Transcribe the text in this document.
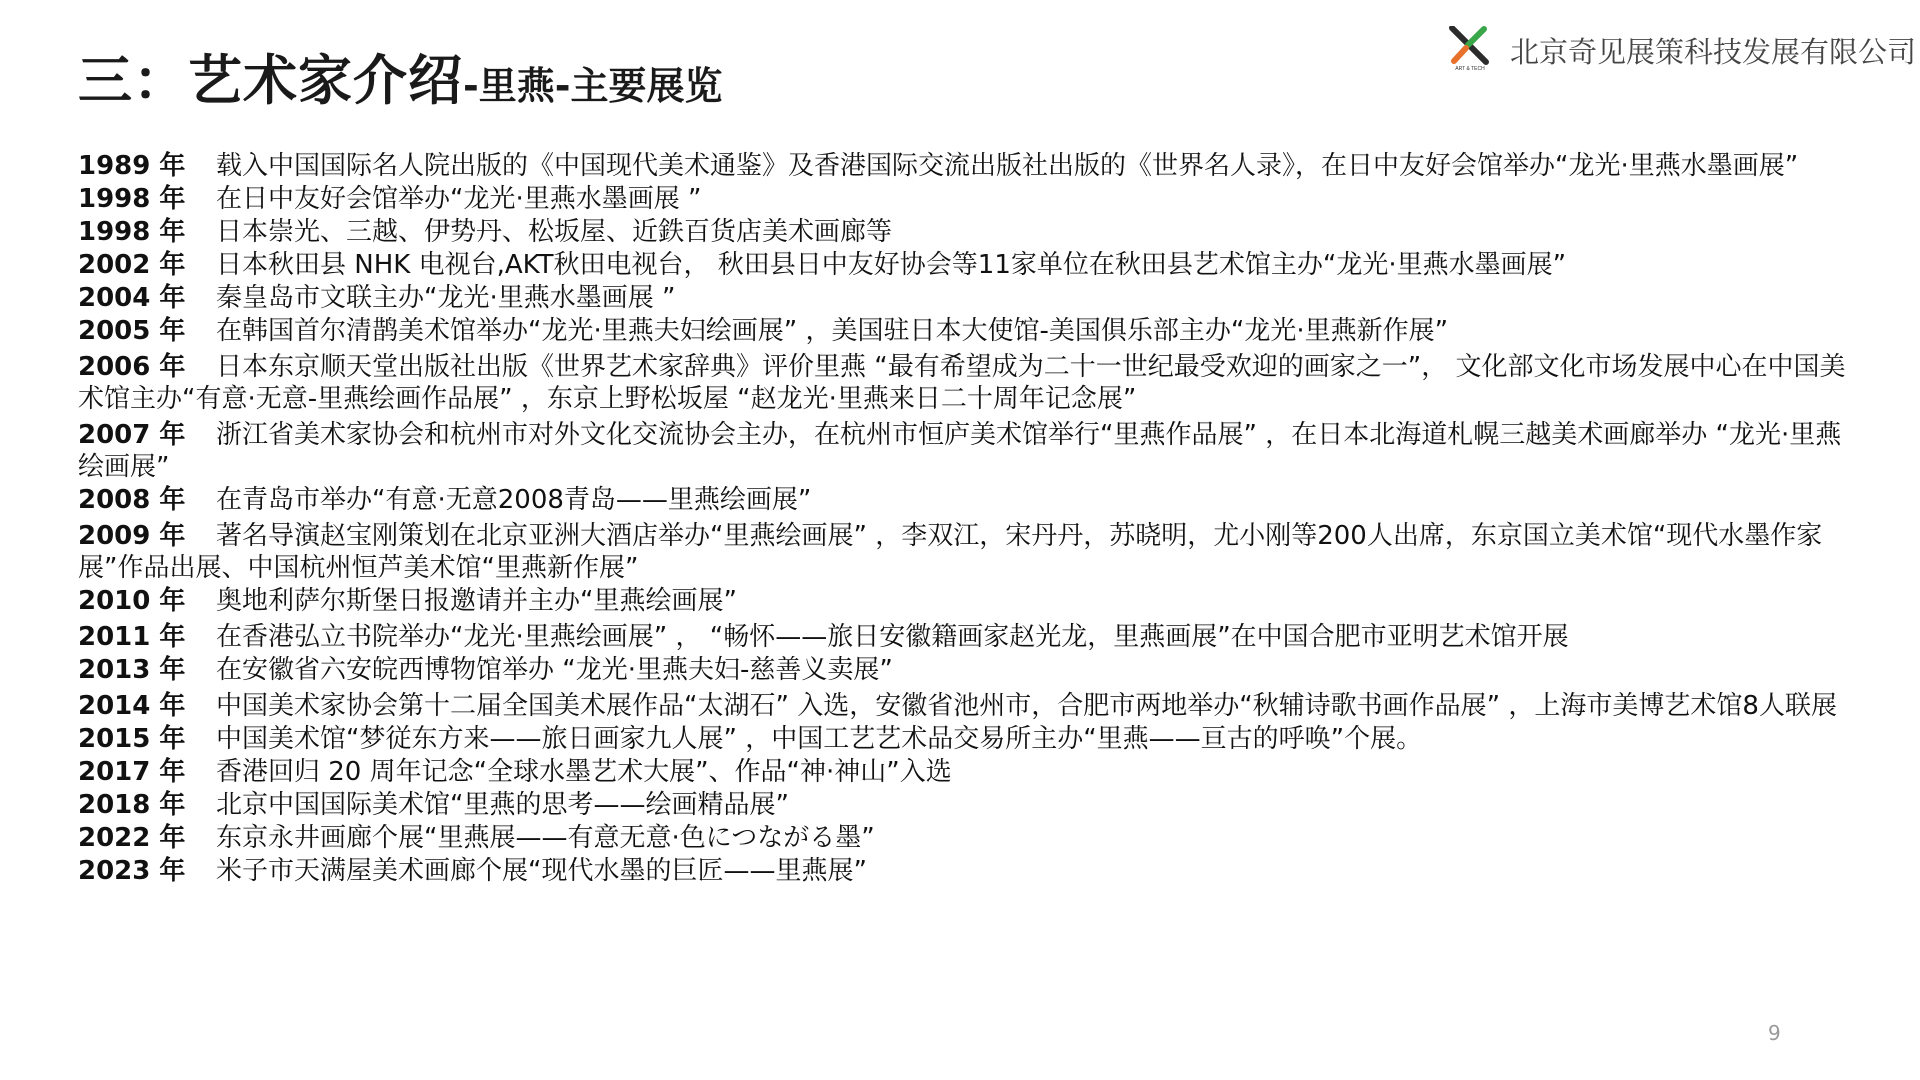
三：艺术家介绍-里燕-主要展览	ART & TECH 北京奇见展策科技发展有限公司
1989 年 载入中国国际名人院出版的《中国现代美术通鉴》及香港国际交流出版社出版的《世界名人录》，在日中友好会馆举办“龙光·里燕水墨画展”
1998 年 在日中友好会馆举办“龙光·里燕水墨画展 ”
1998 年 日本崇光、三越、伊势丹、松坂屋、近鉄百货店美术画廊等
2002 年 日本秋田县 NHK 电视台,AKT秋田电视台， 秋田县日中友好协会等11家单位在秋田县艺术馆主办“龙光·里燕水墨画展”
2004 年 秦皇岛市文联主办“龙光·里燕水墨画展 ”
2005 年 在韩国首尔清鹊美术馆举办“龙光·里燕夫妇绘画展” ，美国驻日本大使馆-美国俱乐部主办“龙光·里燕新作展”
2006 年 日本东京顺天堂出版社出版《世界艺术家辞典》评价里燕 “最有希望成为二十一世纪最受欢迎的画家之一”， 文化部文化市场发展中心在中国美术馆主办“有意·无意-里燕绘画作品展” ，东京上野松坂屋 “赵龙光·里燕来日二十周年记念展”
2007 年 浙江省美术家协会和杭州市对外文化交流协会主办，在杭州市恒庐美术馆举行“里燕作品展” ，在日本北海道札幌三越美术画廊举办 “龙光·里燕绘画展”
2008 年 在青岛市举办“有意·无意2008青岛——里燕绘画展”
2009 年 著名导演赵宝刚策划在北京亚洲大酒店举办“里燕绘画展” ，李双江，宋丹丹，苏晓明，尤小刚等200人出席，东京国立美术馆“现代水墨作家展”作品出展、中国杭州恒芦美术馆“里燕新作展”
2010 年 奥地利萨尔斯堡日报邀请并主办“里燕绘画展”
2011 年 在香港弘立书院举办“龙光·里燕绘画展” ， “畅怀——旅日安徽籍画家赵光龙，里燕画展”在中国合肥市亚明艺术馆开展
2013 年 在安徽省六安皖西博物馆举办 “龙光·里燕夫妇-慈善义卖展”
2014 年 中国美术家协会第十二届全国美术展作品“太湖石” 入选，安徽省池州市，合肥市两地举办“秋辅诗歌书画作品展” ，上海市美博艺术馆8人联展
2015 年 中国美术馆“梦従东方来——旅日画家九人展” ，中国工艺艺术品交易所主办“里燕——亘古的呼唤”个展。
2017 年 香港回归 20 周年记念“全球水墨艺术大展”、作品“神·神山”入选
2018 年 北京中国国际美术馆“里燕的思考——绘画精品展”
2022 年 东京永井画廊个展“里燕展——有意无意·色につながる墨”
2023 年 米子市天满屋美术画廊个展“现代水墨的巨匠——里燕展”
9
